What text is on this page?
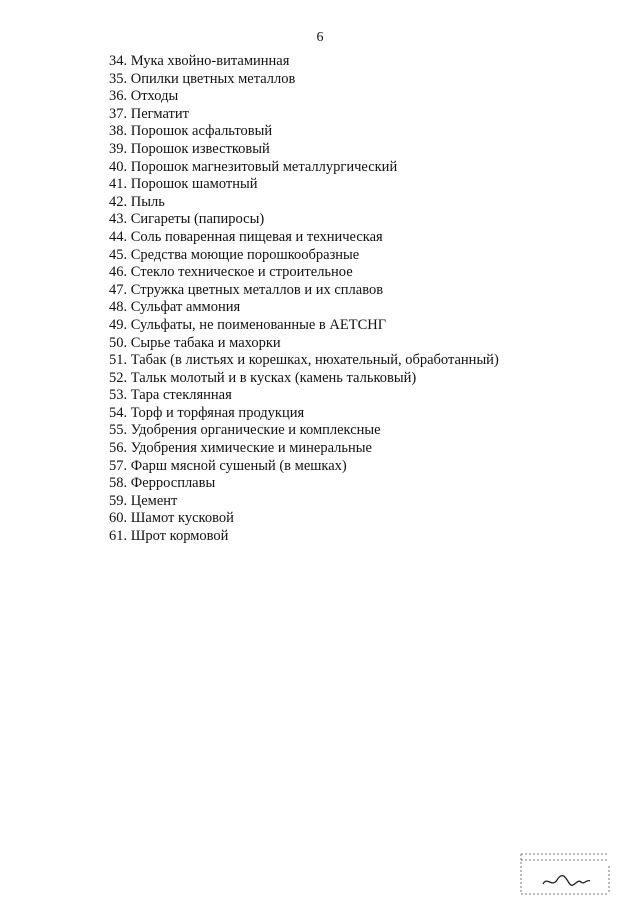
6
34. Мука хвойно-витаминная
35. Опилки цветных металлов
36. Отходы
37. Пегматит
38. Порошок асфальтовый
39. Порошок известковый
40. Порошок магнезитовый металлургический
41. Порошок шамотный
42. Пыль
43. Сигареты (папиросы)
44. Соль поваренная пищевая и техническая
45. Средства моющие порошкообразные
46. Стекло техническое и строительное
47. Стружка цветных металлов и их сплавов
48. Сульфат аммония
49. Сульфаты, не поименованные в АЕТСНГ
50. Сырье табака и махорки
51. Табак (в листьях и корешках, нюхательный, обработанный)
52. Тальк молотый и в кусках (камень тальковый)
53. Тара стеклянная
54. Торф и торфяная продукция
55. Удобрения органические и комплексные
56. Удобрения химические и минеральные
57. Фарш мясной сушеный (в мешках)
58. Ферросплавы
59. Цемент
60. Шамот кусковой
61. Шрот кормовой
